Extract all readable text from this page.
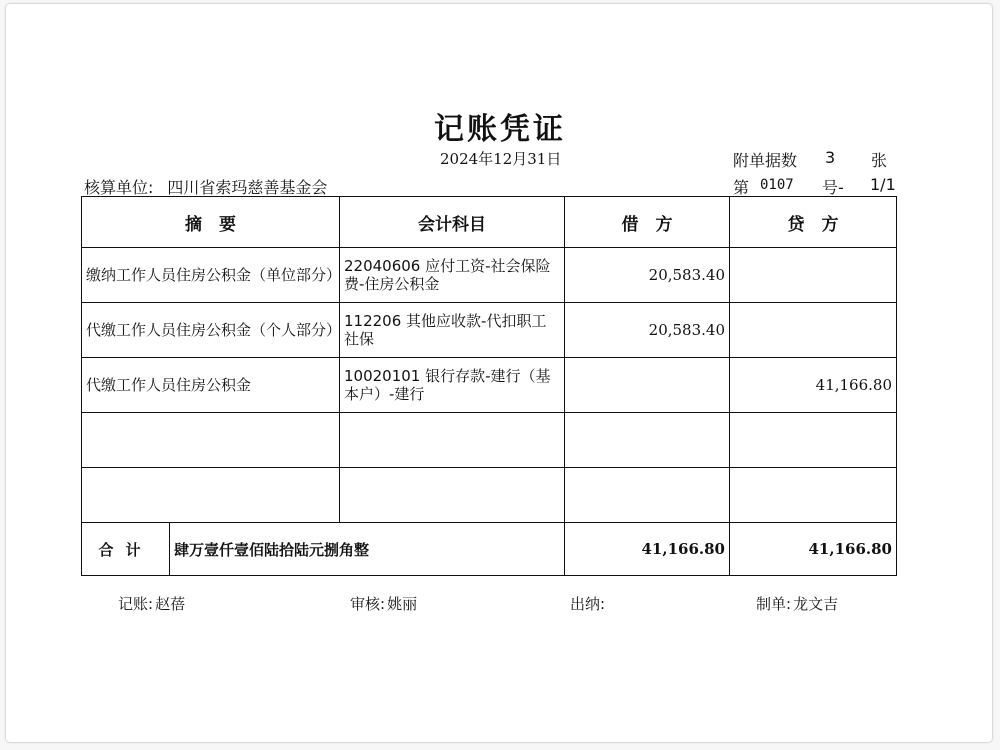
记账凭证
2024年12月31日	附单据数	3	张
核算单位: 四川省索玛慈善基金会	第 0107	号-	1/1
摘　要		会计科目	借　方	贷　方
缴纳工作人员住房公积金（单位部分）		22040606 应付工资-社会保险费-住房公积金	20,583.40	
代缴工作人员住房公积金（个人部分）		112206 其他应收款-代扣职工社保	20,583.40	
代缴工作人员住房公积金		10020101 银行存款-建行（基本户）-建行		41,166.80

合计	肆万壹仟壹佰陆拾陆元捌角整		41,166.80	41,166.80
记账: 赵蓓	审核: 姚丽	出纳:	制单: 龙文吉
